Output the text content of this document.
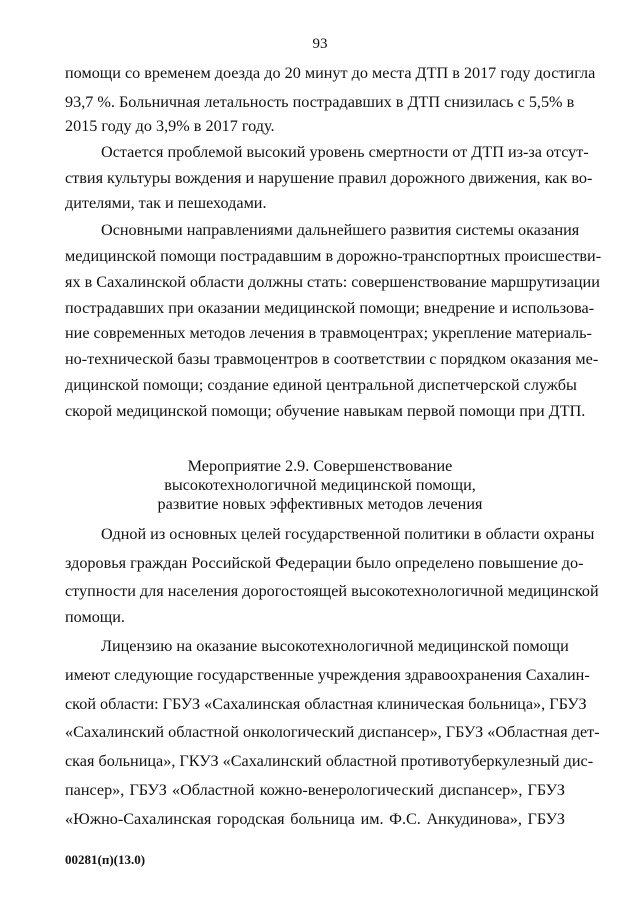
93
помощи со временем доезда до 20 минут до места ДТП в 2017 году достигла
93,7 %. Больничная летальность пострадавших в ДТП снизилась с 5,5% в
2015 году до 3,9% в 2017 году.
Остается проблемой высокий уровень смертности от ДТП из-за отсут-
ствия культуры вождения и нарушение правил дорожного движения, как во-
дителями, так и пешеходами.
Основными направлениями дальнейшего развития системы оказания
медицинской помощи пострадавшим в дорожно-транспортных происшестви-
ях в Сахалинской области должны стать: совершенствование маршрутизации
пострадавших при оказании медицинской помощи; внедрение и использова-
ние современных методов лечения в травмоцентрах; укрепление материаль-
но-технической базы травмоцентров в соответствии с порядком оказания ме-
дицинской помощи; создание единой центральной диспетчерской службы
скорой медицинской помощи; обучение навыкам первой помощи при ДТП.
Мероприятие 2.9. Совершенствование
высокотехнологичной медицинской помощи,
развитие новых эффективных методов лечения
Одной из основных целей государственной политики в области охраны
здоровья граждан Российской Федерации было определено повышение до-
ступности для населения дорогостоящей высокотехнологичной медицинской
помощи.
Лицензию на оказание высокотехнологичной медицинской помощи
имеют следующие государственные учреждения здравоохранения Сахалин-
ской области: ГБУЗ «Сахалинская областная клиническая больница», ГБУЗ
«Сахалинский областной онкологический диспансер», ГБУЗ «Областная дет-
ская больница», ГКУЗ «Сахалинский областной противотуберкулезный дис-
пансер», ГБУЗ «Областной кожно-венерологический диспансер», ГБУЗ
00281(п)(13.0)
«Южно-Сахалинская городская больница им. Ф.С. Анкудинова», ГБУЗ
